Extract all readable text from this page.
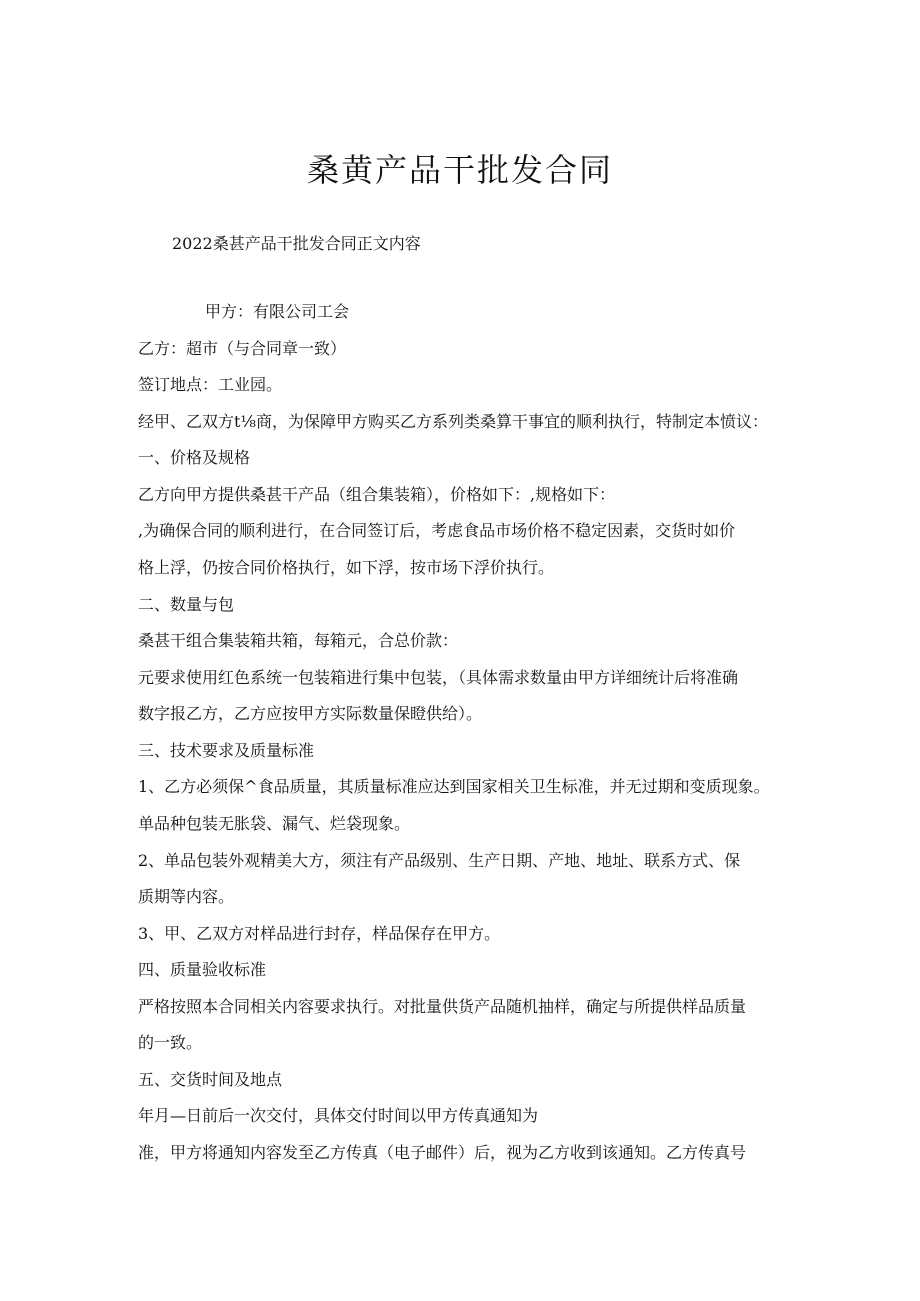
桑黄产品干批发合同

2022桑甚产品干批发合同正文内容

甲方：有限公司工会

乙方：超市（与合同章一致）

签订地点：工业园。

经甲、乙双方t⅛商，为保障甲方购买乙方系列类桑算干事宜的顺利执行，特制定本愤议：

一、价格及规格

乙方向甲方提供桑甚干产品（组合集装箱），价格如下：,规格如下：

,为确保合同的顺利进行，在合同签订后，考虑食品市场价格不稳定因素，交货时如价

格上浮，仍按合同价格执行，如下浮，按市场下浮价执行。

二、数量与包

桑甚干组合集装箱共箱，每箱元，合总价款：

元要求使用红色系统一包装箱进行集中包装，（具体需求数量由甲方详细统计后将准确

数字报乙方，乙方应按甲方实际数量保瞪供给）。

三、技术要求及质量标准

1、乙方必须保^食品质量，其质量标准应达到国家相关卫生标准，并无过期和变质现象。

单品种包装无胀袋、漏气、烂袋现象。

2、单品包装外观精美大方，须注有产品级别、生产日期、产地、地址、联系方式、保

质期等内容。

3、甲、乙双方对样品进行封存，样品保存在甲方。

四、质量验收标准

严格按照本合同相关内容要求执行。对批量供货产品随机抽样，确定与所提供样品质量

的一致。

五、交货时间及地点

年月—日前后一次交付，具体交付时间以甲方传真通知为

准，甲方将通知内容发至乙方传真（电子邮件）后，视为乙方收到该通知。乙方传真号
